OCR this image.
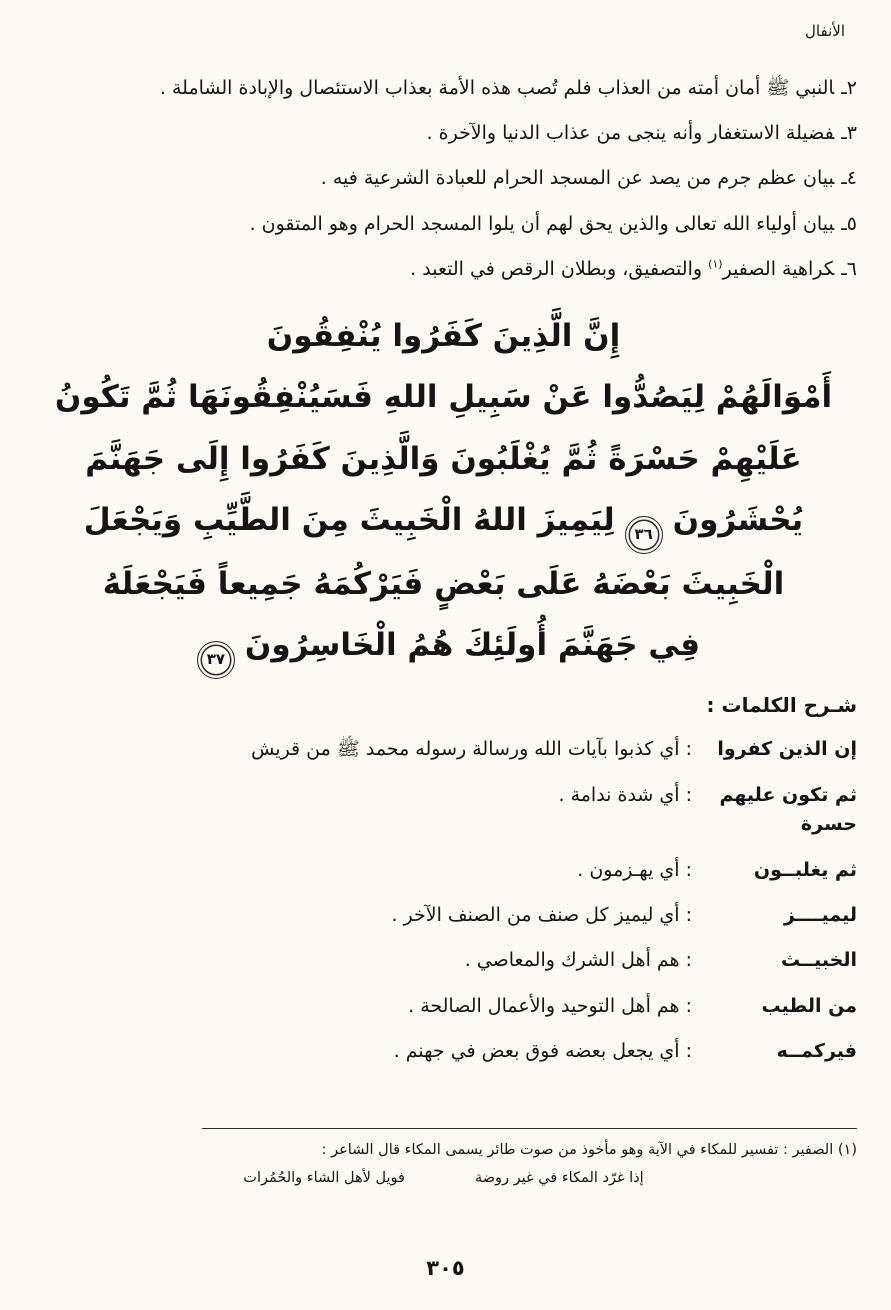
الأنفال

٢ـالنبي ﷺ أمان أمته من العذاب فلم تُصب هذه الأمة بعذاب الاستئصال والإبادة الشاملة .

٣ـفضيلة الاستغفار وأنه ينجى من عذاب الدنيا والآخرة .

٤ـبيان عظم جرم من يصد عن المسجد الحرام للعبادة الشرعية فيه .

٥ـبيان أولياء الله تعالى والذين يحق لهم أن يلوا المسجد الحرام وهو المتقون .

٦ـكراهية الصفير$^{(١)}$ والتصفيق، وبطلان الرقص في التعبد .

إِنَّ الَّذِينَ كَفَرُوا يُنْفِقُونَ
أَمْوَالَهُمْ لِيَصُدُّوا عَنْ سَبِيلِ اللهِ فَسَيُنْفِقُونَهَا ثُمَّ تَكُونُ
عَلَيْهِمْ حَسْرَةً ثُمَّ يُغْلَبُونَ وَالَّذِينَ كَفَرُوا إِلَى جَهَنَّمَ
يُحْشَرُونَ٣٦لِيَمِيزَ اللهُ الْخَبِيثَ مِنَ الطَّيِّبِ وَيَجْعَلَ
الْخَبِيثَ بَعْضَهُ عَلَى بَعْضٍ فَيَرْكُمَهُ جَمِيعاً فَيَجْعَلَهُ
فِي جَهَنَّمَ أُولَئِكَ هُمُ الْخَاسِرُونَ٣٧
شـرح الكلمات :
إن الذين كفروا
: أي كذبوا بآيات الله ورسالة رسوله محمد ﷺ من قريش
ثم تكون عليهم حسرة
: أي شدة ندامة .
ثم يغلبــون
: أي يهـزمون .
ليميــــز
: أي ليميز كل صنف من الصنف الآخر .
الخبيــث
: هم أهل الشرك والمعاصي .
من الطيب
: هم أهل التوحيد والأعمال الصالحة .
فيركمــه
: أي يجعل بعضه فوق بعض في جهنم .
(١) الصفير : تفسير للمكاء في الآية وهو مأخوذ من صوت طائر يسمى المكاء قال الشاعر :
إذا غرّد المكاء في غير روضة
فويل لأهل الشاء والحُمُرات
٣٠٥
